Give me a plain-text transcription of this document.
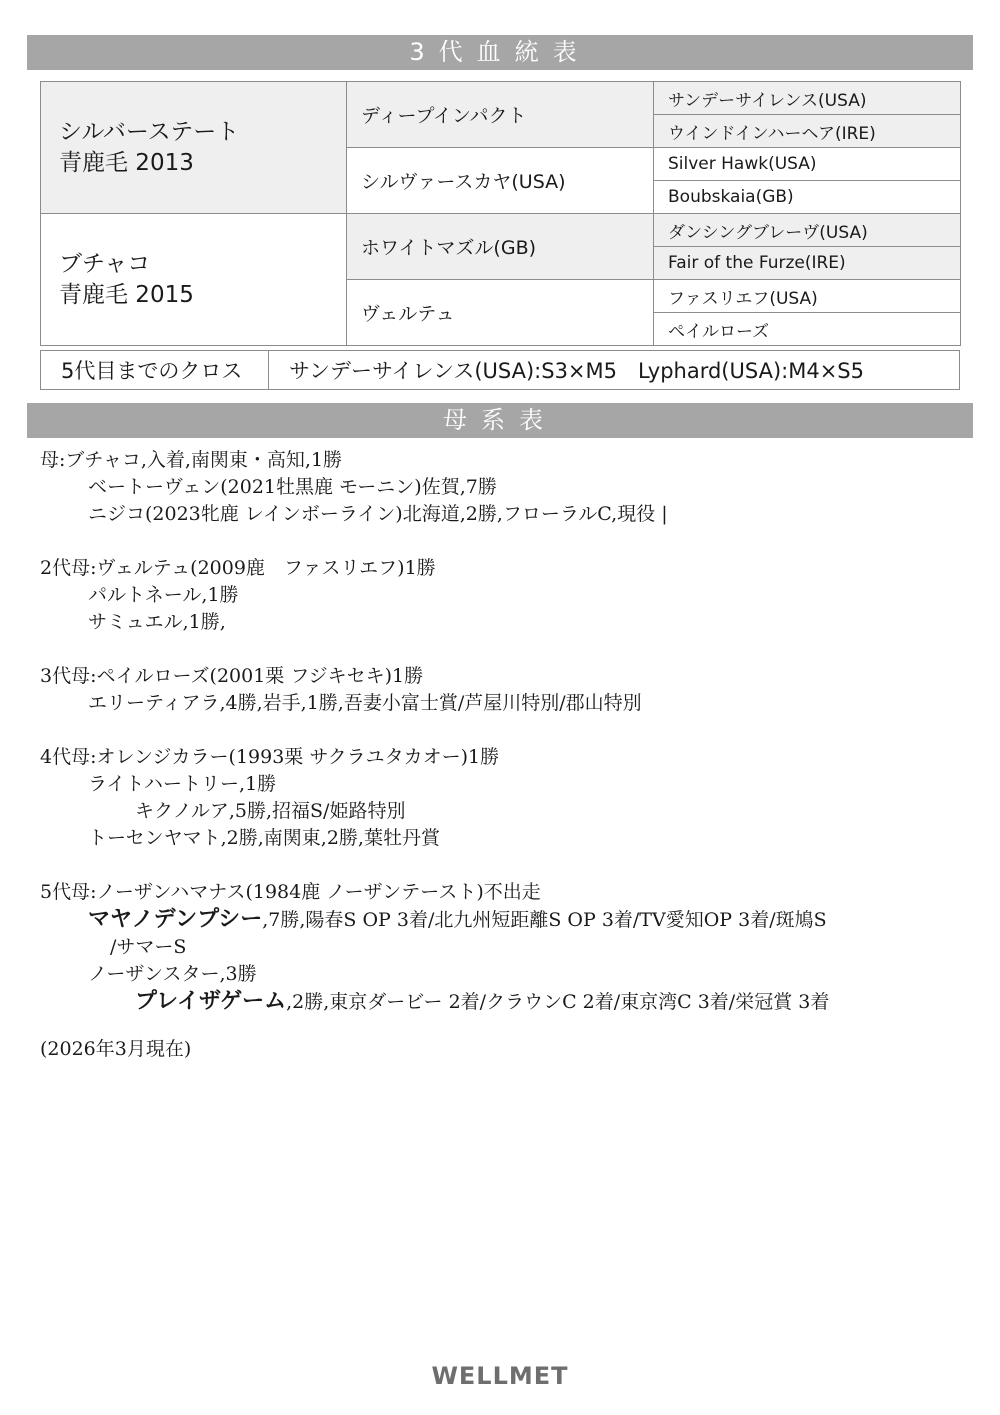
3代血統表
シルバーステート
青鹿毛 2013	ディープインパクト	サンデーサイレンス(USA)
		ウインドインハーヘア(IRE)
	シルヴァースカヤ(USA)	Silver Hawk(USA)
		Boubskaia(GB)

ブチャコ
青鹿毛 2015	ホワイトマズル(GB)	ダンシングブレーヴ(USA)
		Fair of the Furze(IRE)
	ヴェルテュ	ファスリエフ(USA)
		ペイルローズ
5代目までのクロス	サンデーサイレンス(USA):S3×M5　Lyphard(USA):M4×S5
母系表
母:ブチャコ,入着,南関東・高知,1勝
ベートーヴェン(2021牡黒鹿 モーニン)佐賀,7勝
ニジコ(2023牝鹿 レインボーライン)北海道,2勝,フローラルC,現役 |
2代母:ヴェルテュ(2009鹿　ファスリエフ)1勝
パルトネール,1勝
サミュエル,1勝,
3代母:ペイルローズ(2001栗 フジキセキ)1勝
エリーティアラ,4勝,岩手,1勝,吾妻小富士賞/芦屋川特別/郡山特別
4代母:オレンジカラー(1993栗 サクラユタカオー)1勝
ライトハートリー,1勝
キクノルア,5勝,招福S/姫路特別
トーセンヤマト,2勝,南関東,2勝,葉牡丹賞
5代母:ノーザンハマナス(1984鹿 ノーザンテースト)不出走
マヤノデンプシー,7勝,陽春S OP 3着/北九州短距離S OP 3着/TV愛知OP 3着/斑鳩S
/サマーS
ノーザンスター,3勝
プレイザゲーム,2勝,東京ダービー 2着/クラウンC 2着/東京湾C 3着/栄冠賞 3着
(2026年3月現在)
WELLMET
